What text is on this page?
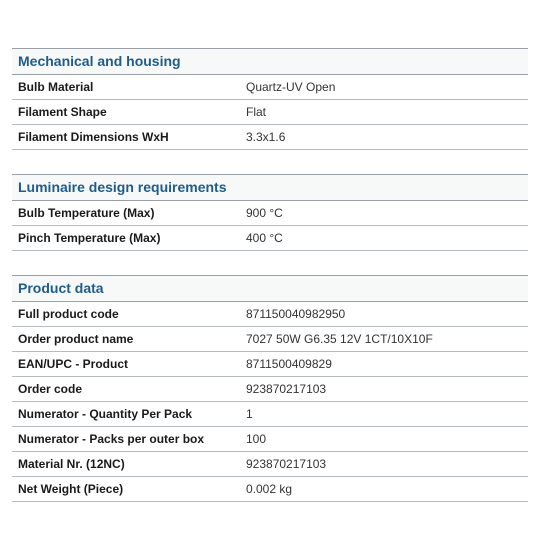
Mechanical and housing
Bulb Material	Quartz-UV Open
Filament Shape	Flat
Filament Dimensions WxH	3.3x1.6
Luminaire design requirements
Bulb Temperature (Max)	900 °C
Pinch Temperature (Max)	400 °C
Product data
Full product code	871150040982950
Order product name	7027 50W G6.35 12V 1CT/10X10F
EAN/UPC - Product	8711500409829
Order code	923870217103
Numerator - Quantity Per Pack	1
Numerator - Packs per outer box	100
Material Nr. (12NC)	923870217103
Net Weight (Piece)	0.002 kg
